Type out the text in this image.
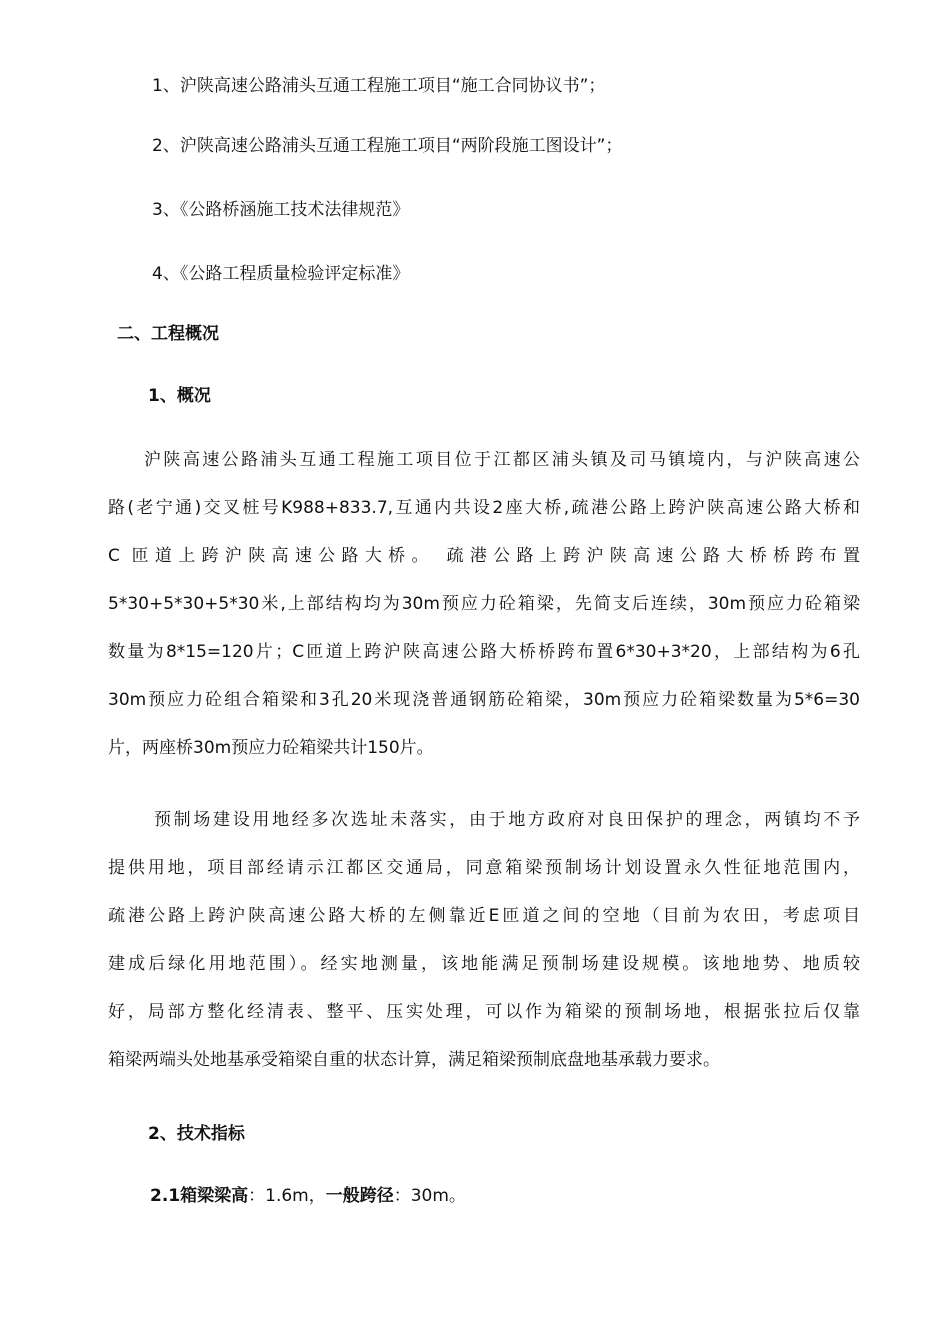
1、沪陕高速公路浦头互通工程施工项目“施工合同协议书”；
2、沪陕高速公路浦头互通工程施工项目“两阶段施工图设计”；
3、《公路桥涵施工技术法律规范》
4、《公路工程质量检验评定标准》
二、工程概况
1、概况
沪陕高速公路浦头互通工程施工项目位于江都区浦头镇及司马镇境内，与沪陕高速公
路(老宁通)交叉桩号K988+833.7,互通内共设2座大桥,疏港公路上跨沪陕高速公路大桥和
C 匝道上跨沪陕高速公路大桥。 疏港公路上跨沪陕高速公路大桥桥跨布置
5*30+5*30+5*30米,上部结构均为30m预应力砼箱梁，先简支后连续，30m预应力砼箱梁
数量为8*15=120片；C匝道上跨沪陕高速公路大桥桥跨布置6*30+3*20，上部结构为6孔
30m预应力砼组合箱梁和3孔20米现浇普通钢筋砼箱梁，30m预应力砼箱梁数量为5*6=30
片，两座桥30m预应力砼箱梁共计150片。
预制场建设用地经多次选址未落实，由于地方政府对良田保护的理念，两镇均不予
提供用地，项目部经请示江都区交通局，同意箱梁预制场计划设置永久性征地范围内，
疏港公路上跨沪陕高速公路大桥的左侧靠近E匝道之间的空地（目前为农田，考虑项目
建成后绿化用地范围）。经实地测量，该地能满足预制场建设规模。该地地势、地质较
好，局部方整化经清表、整平、压实处理，可以作为箱梁的预制场地，根据张拉后仅靠
箱梁两端头处地基承受箱梁自重的状态计算，满足箱梁预制底盘地基承载力要求。
2、技术指标
2.1箱梁梁高：1.6m，一般跨径：30m。
